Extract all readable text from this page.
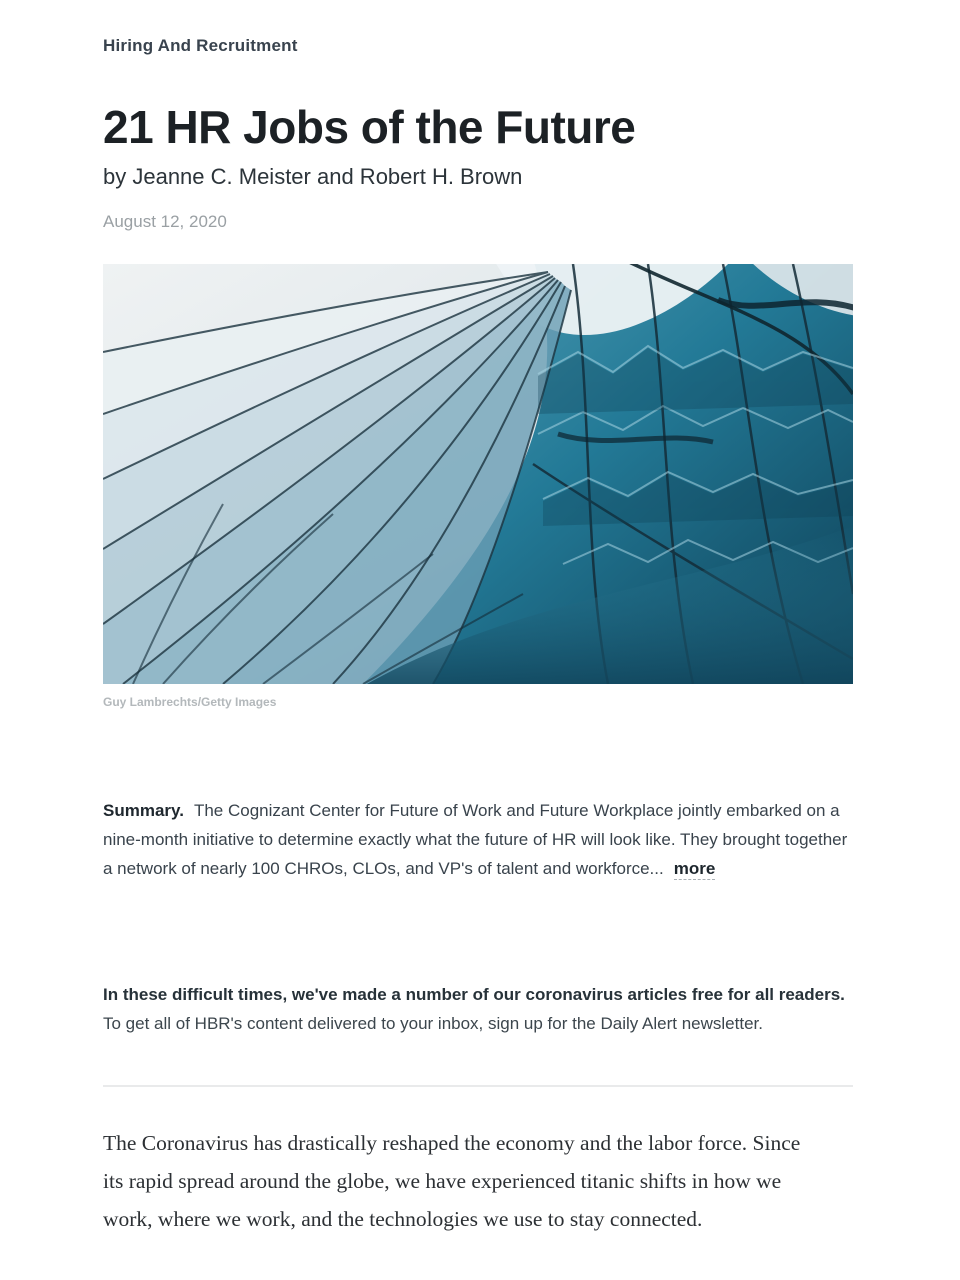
Hiring And Recruitment
21 HR Jobs of the Future
by Jeanne C. Meister and Robert H. Brown
August 12, 2020
Guy Lambrechts/Getty Images

Summary. The Cognizant Center for Future of Work and Future Workplace jointly embarked on a nine-month initiative to determine exactly what the future of HR will look like. They brought together a network of nearly 100 CHROs, CLOs, and VP's of talent and workforce... more

In these difficult times, we've made a number of our coronavirus articles free for all readers.
To get all of HBR's content delivered to your inbox, sign up for the Daily Alert newsletter.

The Coronavirus has drastically reshaped the economy and the labor force. Since its rapid spread around the globe, we have experienced titanic shifts in how we work, where we work, and the technologies we use to stay connected.
